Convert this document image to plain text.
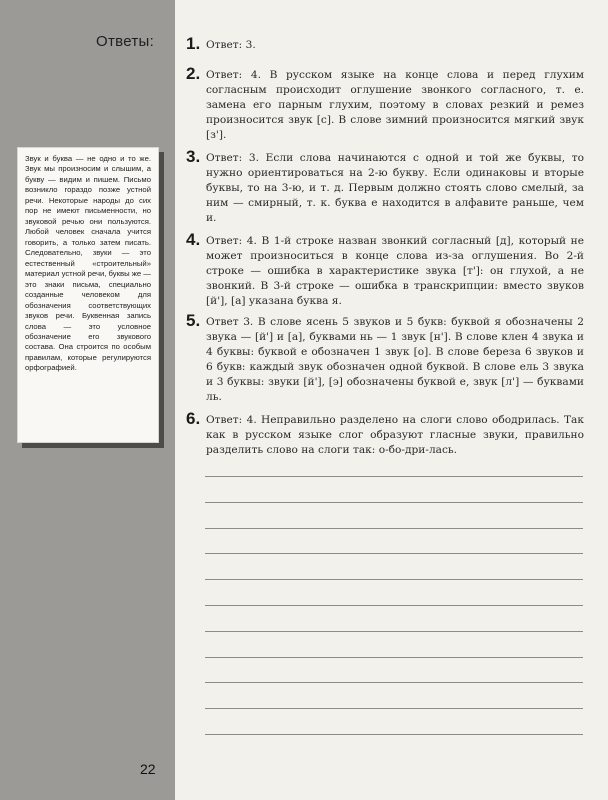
Ответы:
Звук и буква — не одно и то же. Звук мы произносим и слышим, а букву — видим и пишем. Письмо возникло гораздо позже устной речи. Некоторые народы до сих пор не имеют письменности, но звуковой речью они пользуются. Любой человек сначала учится говорить, а только затем писать. Следовательно, звуки — это естественный «строительный» материал устной речи, буквы же — это знаки письма, специально созданные человеком для обозначения соответствующих звуков речи. Буквенная запись слова — это условное обозначение его звукового состава. Она строится по особым правилам, которые регулируются орфографией.
22
1. Ответ: 3.
2. Ответ: 4. В русском языке на конце слова и перед глухим согласным происходит оглушение звонкого согласного, т. е. замена его парным глухим, поэтому в словах резкий и ремез произносится звук [с]. В слове зимний произносится мягкий звук [з'].
3. Ответ: 3. Если слова начинаются с одной и той же буквы, то нужно ориентироваться на 2-ю букву. Если одинаковы и вторые буквы, то на 3-ю, и т. д. Первым должно стоять слово смелый, за ним — смирный, т. к. буква е находится в алфавите раньше, чем и.
4. Ответ: 4. В 1-й строке назван звонкий согласный [д], который не может произноситься в конце слова из-за оглушения. Во 2-й строке — ошибка в характеристике звука [т']: он глухой, а не звонкий. В 3-й строке — ошибка в транскрипции: вместо звуков [й'], [а] указана буква я.
5. Ответ 3. В слове ясень 5 звуков и 5 букв: буквой я обозначены 2 звука — [й'] и [а], буквами нь — 1 звук [н']. В слове клен 4 звука и 4 буквы: буквой е обозначен 1 звук [о]. В слове береза 6 звуков и 6 букв: каждый звук обозначен одной буквой. В слове ель 3 звука и 3 буквы: звуки [й'], [э] обозначены буквой е, звук [л'] — буквами ль.
6. Ответ: 4. Неправильно разделено на слоги слово ободрилась. Так как в русском языке слог образуют гласные звуки, правильно разделить слово на слоги так: о-бо-дри-лась.
